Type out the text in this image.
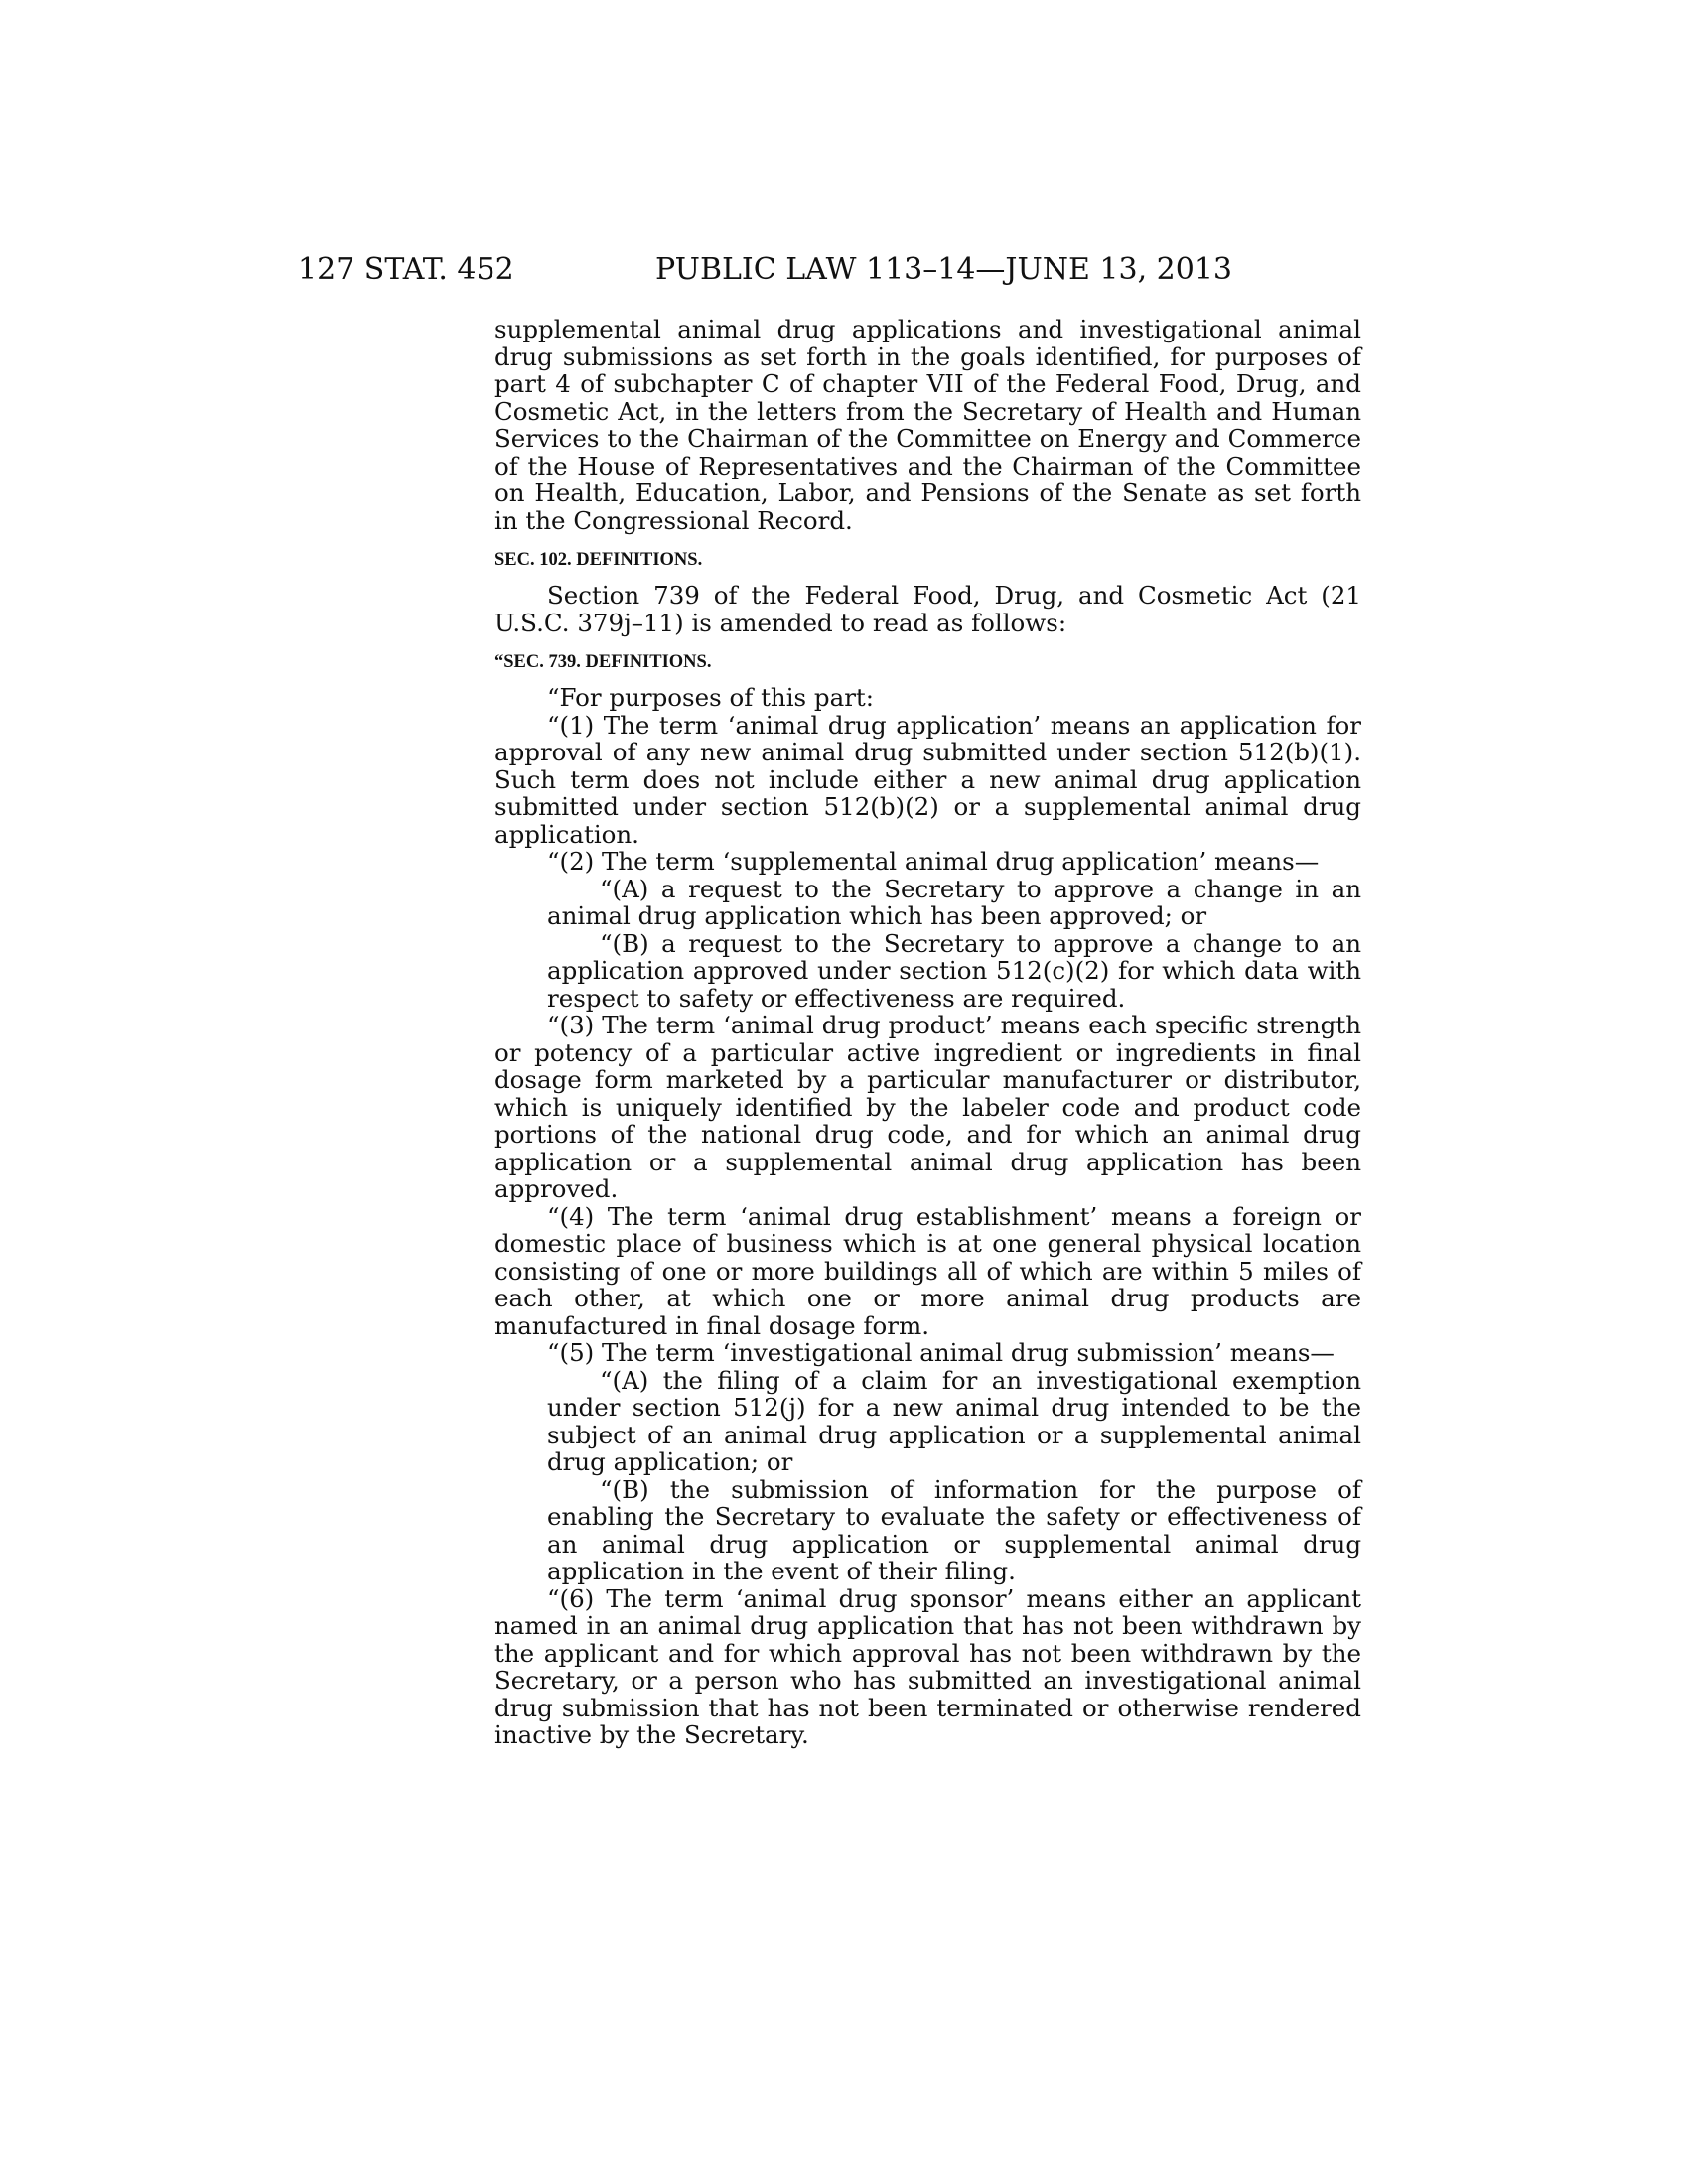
127 STAT. 452	PUBLIC LAW 113–14—JUNE 13, 2013

supplemental animal drug applications and investigational animal drug submissions as set forth in the goals identified, for purposes of part 4 of subchapter C of chapter VII of the Federal Food, Drug, and Cosmetic Act, in the letters from the Secretary of Health and Human Services to the Chairman of the Committee on Energy and Commerce of the House of Representatives and the Chairman of the Committee on Health, Education, Labor, and Pensions of the Senate as set forth in the Congressional Record.

SEC. 102. DEFINITIONS.

Section 739 of the Federal Food, Drug, and Cosmetic Act (21 U.S.C. 379j–11) is amended to read as follows:

“SEC. 739. DEFINITIONS.

“For purposes of this part:

“(1) The term ‘animal drug application’ means an application for approval of any new animal drug submitted under section 512(b)(1). Such term does not include either a new animal drug application submitted under section 512(b)(2) or a supplemental animal drug application.

“(2) The term ‘supplemental animal drug application’ means—

“(A) a request to the Secretary to approve a change in an animal drug application which has been approved; or

“(B) a request to the Secretary to approve a change to an application approved under section 512(c)(2) for which data with respect to safety or effectiveness are required.

“(3) The term ‘animal drug product’ means each specific strength or potency of a particular active ingredient or ingredients in final dosage form marketed by a particular manufacturer or distributor, which is uniquely identified by the labeler code and product code portions of the national drug code, and for which an animal drug application or a supplemental animal drug application has been approved.

“(4) The term ‘animal drug establishment’ means a foreign or domestic place of business which is at one general physical location consisting of one or more buildings all of which are within 5 miles of each other, at which one or more animal drug products are manufactured in final dosage form.

“(5) The term ‘investigational animal drug submission’ means—

“(A) the filing of a claim for an investigational exemption under section 512(j) for a new animal drug intended to be the subject of an animal drug application or a supplemental animal drug application; or

“(B) the submission of information for the purpose of enabling the Secretary to evaluate the safety or effectiveness of an animal drug application or supplemental animal drug application in the event of their filing.

“(6) The term ‘animal drug sponsor’ means either an applicant named in an animal drug application that has not been withdrawn by the applicant and for which approval has not been withdrawn by the Secretary, or a person who has submitted an investigational animal drug submission that has not been terminated or otherwise rendered inactive by the Secretary.
